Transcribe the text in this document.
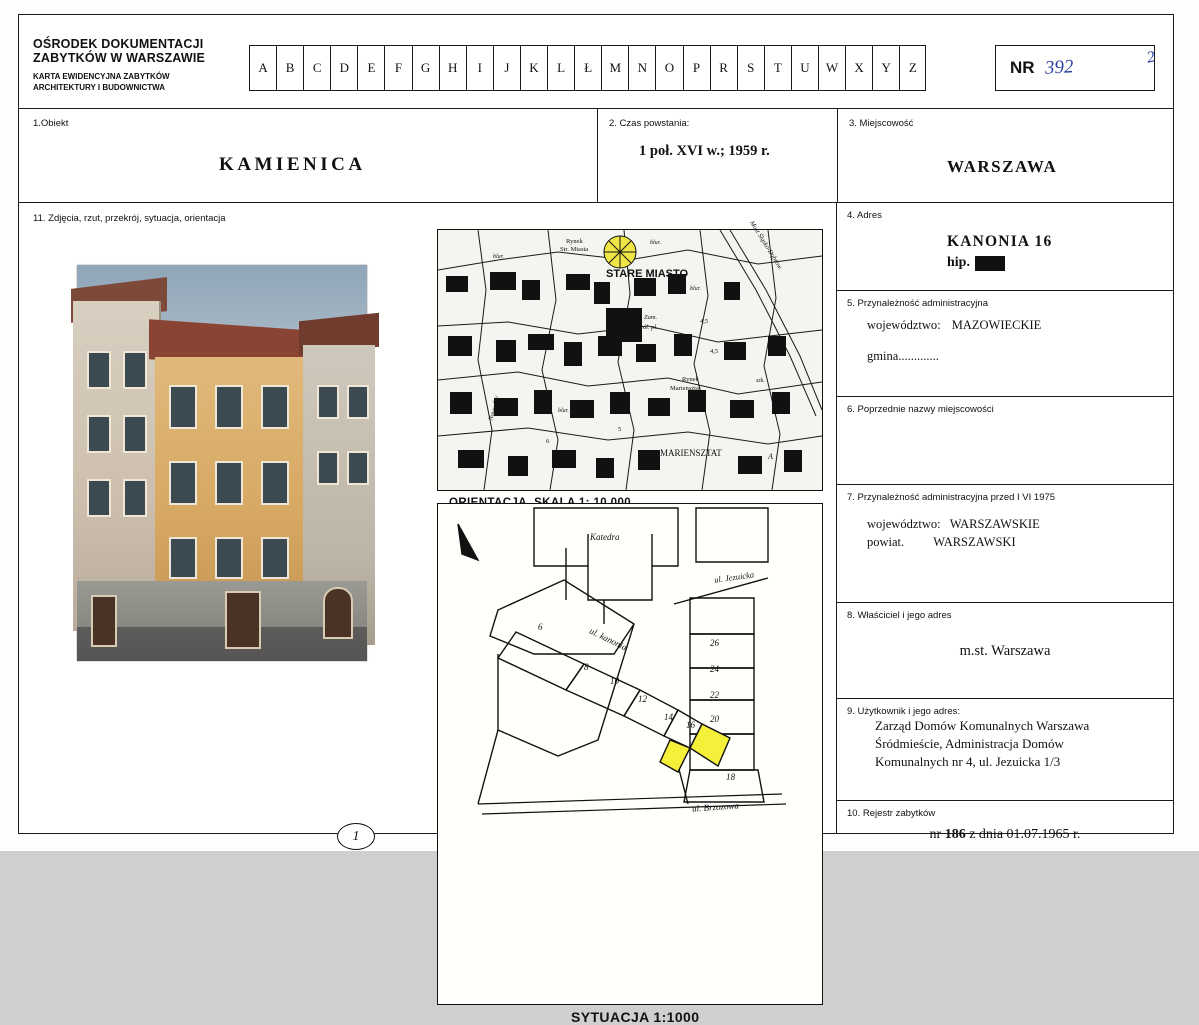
OŚRODEK DOKUMENTACJI
ZABYTKÓW W WARSZAWIE
KARTA EWIDENCYJNA ZABYTKÓW
ARCHITEKTURY I BUDOWNICTWA
A	B	C	D	E	F	G	H	I	J	K	L	Ł	M	N	O	P	R	S	T	U	W	X	Y	Z	NR 392	2
1.Obiekt
KAMIENICA
2. Czas powstania:
1 poł. XVI w.; 1959 r.
3. Miejscowość
WARSZAWA
11. Zdjęcia, rzut, przekrój, sytuacja, orientacja
1
Rynek
Str. Miasta
blur.
blur.
STARE MIASTO
Most Śląsko-Dąbrow.
blur.
Zam.
Król. pl.
4,5
85,7
4,5
Rynek
Mariensztat
szk.
blur.
Nowy ŚW	blur.
5
6
MARIENSZTAT	A
Katedra
ul. Jezuicka
ul. kanonia
ul. Brzozowa
6
8
10
12
14
16
26
24
22
20
18
SYTUACJA 1:1000
4. Adres
KANONIA 16
hip.
5. Przynależność administracyjna
województwo: MAZOWIECKIE
gmina.............
6. Poprzednie nazwy miejscowości
7. Przynależność administracyjna przed I VI 1975
województwo: WARSZAWSKIE
powiat. WARSZAWSKI
8. Właściciel i jego adres
m.st. Warszawa
9. Użytkownik i jego adres:
Zarząd Domów Komunalnych Warszawa
Śródmieście, Administracja Domów
Komunalnych nr 4, ul. Jezuicka 1/3
10. Rejestr zabytków
nr 186 z dnia 01.07.1965 r.
